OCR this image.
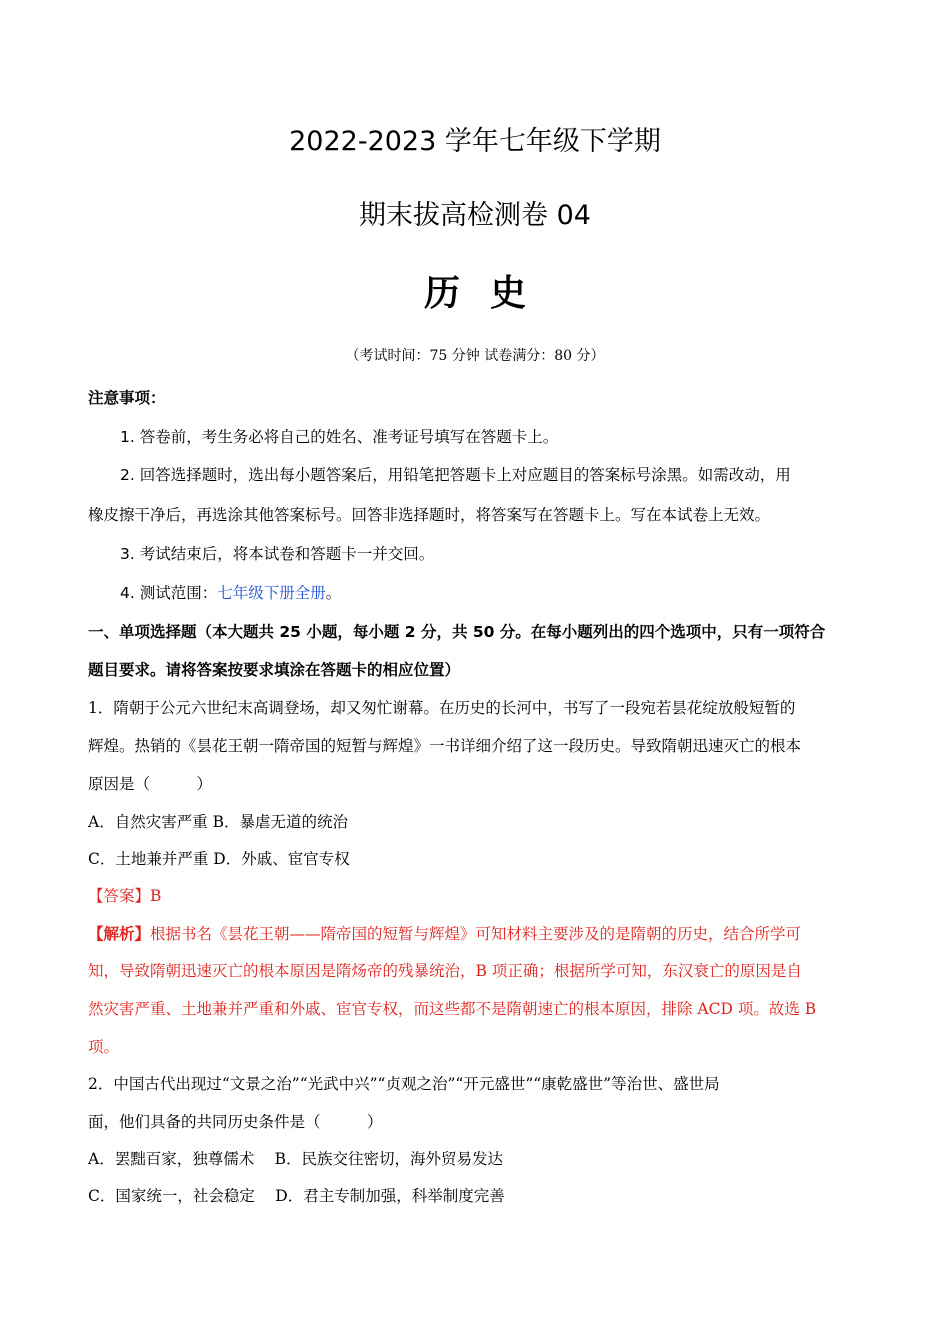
2022-2023 学年七年级下学期
期末拔高检测卷 04
历史
（考试时间：75 分钟 试卷满分：80 分）
注意事项：
1. 答卷前，考生务必将自己的姓名、准考证号填写在答题卡上。
2. 回答选择题时，选出每小题答案后，用铅笔把答题卡上对应题目的答案标号涂黑。如需改动，用
橡皮擦干净后，再选涂其他答案标号。回答非选择题时，将答案写在答题卡上。写在本试卷上无效。
3. 考试结束后，将本试卷和答题卡一并交回。
4. 测试范围：七年级下册全册。
一、单项选择题（本大题共 25 小题，每小题 2 分，共 50 分。在每小题列出的四个选项中，只有一项符合
题目要求。请将答案按要求填涂在答题卡的相应位置）
1．隋朝于公元六世纪末高调登场，却又匆忙谢幕。在历史的长河中，书写了一段宛若昙花绽放般短暂的
辉煌。热销的《昙花王朝一隋帝国的短暂与辉煌》一书详细介绍了这一段历史。导致隋朝迅速灭亡的根本
原因是（　　　）
A．自然灾害严重 B．暴虐无道的统治
C．土地兼并严重 D．外戚、宦官专权
【答案】B
【解析】根据书名《昙花王朝——隋帝国的短暂与辉煌》可知材料主要涉及的是隋朝的历史，结合所学可
知，导致隋朝迅速灭亡的根本原因是隋炀帝的残暴统治，B 项正确；根据所学可知，东汉衰亡的原因是自
然灾害严重、土地兼并严重和外戚、宦官专权，而这些都不是隋朝速亡的根本原因，排除 ACD 项。故选 B
项。
2．中国古代出现过“文景之治”“光武中兴”“贞观之治”“开元盛世”“康乾盛世”等治世、盛世局
面，他们具备的共同历史条件是（　　　）
A．罢黜百家，独尊儒术　 B．民族交往密切，海外贸易发达
C．国家统一，社会稳定　 D．君主专制加强，科举制度完善
